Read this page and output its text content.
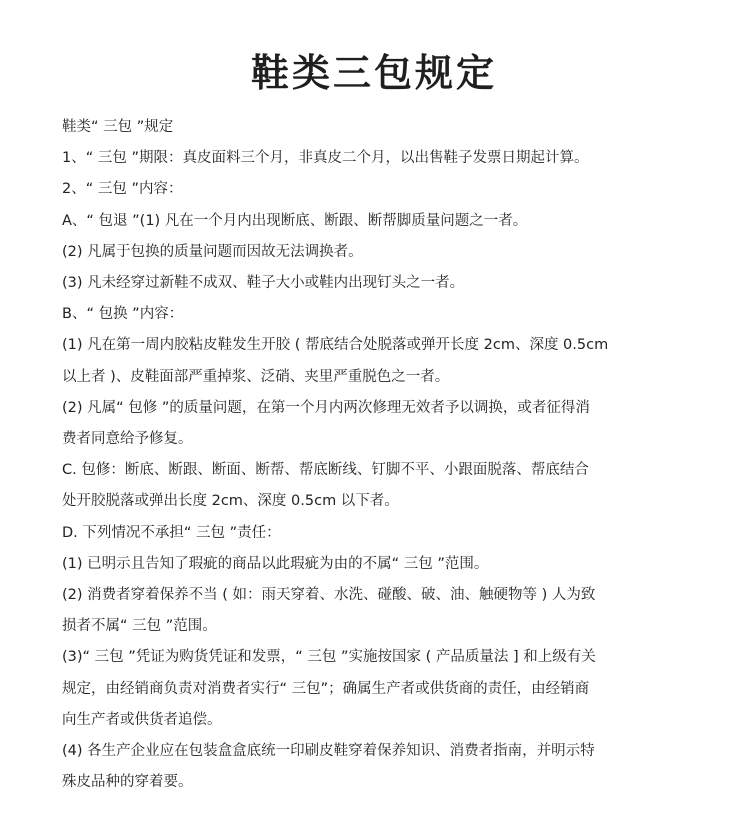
鞋类三包规定

鞋类“ 三包 ”规定

1、“ 三包 ”期限：真皮面料三个月，非真皮二个月，以出售鞋子发票日期起计算。

2、“ 三包 ”内容：

A、“ 包退 ”(1) 凡在一个月内出现断底、断跟、断帮脚质量问题之一者。

(2) 凡属于包换的质量问题而因故无法调换者。

(3) 凡未经穿过新鞋不成双、鞋子大小或鞋内出现钉头之一者。

B、“ 包换 ”内容：

(1) 凡在第一周内胶粘皮鞋发生开胶 ( 帮底结合处脱落或弹开长度 2cm、深度 0.5cm

以上者 )、皮鞋面部严重掉浆、泛硝、夹里严重脱色之一者。

(2) 凡属“ 包修 ”的质量问题，在第一个月内两次修理无效者予以调换，或者征得消

费者同意给予修复。

C. 包修：断底、断跟、断面、断帮、帮底断线、钉脚不平、小跟面脱落、帮底结合

处开胶脱落或弹出长度 2cm、深度 0.5cm 以下者。

D. 下列情况不承担“ 三包 ”责任：

(1) 已明示且告知了瑕疵的商品以此瑕疵为由的不属“ 三包 ”范围。

(2) 消费者穿着保养不当 ( 如：雨天穿着、水洗、碰酸、破、油、触硬物等 ) 人为致

损者不属“ 三包 ”范围。

(3)“ 三包 ”凭证为购货凭证和发票，“ 三包 ”实施按国家 ( 产品质量法 ] 和上级有关

规定，由经销商负责对消费者实行“ 三包”；确属生产者或供货商的责任，由经销商

向生产者或供货者追偿。

(4) 各生产企业应在包装盒盒底统一印刷皮鞋穿着保养知识、消费者指南，并明示特

殊皮品种的穿着要。
